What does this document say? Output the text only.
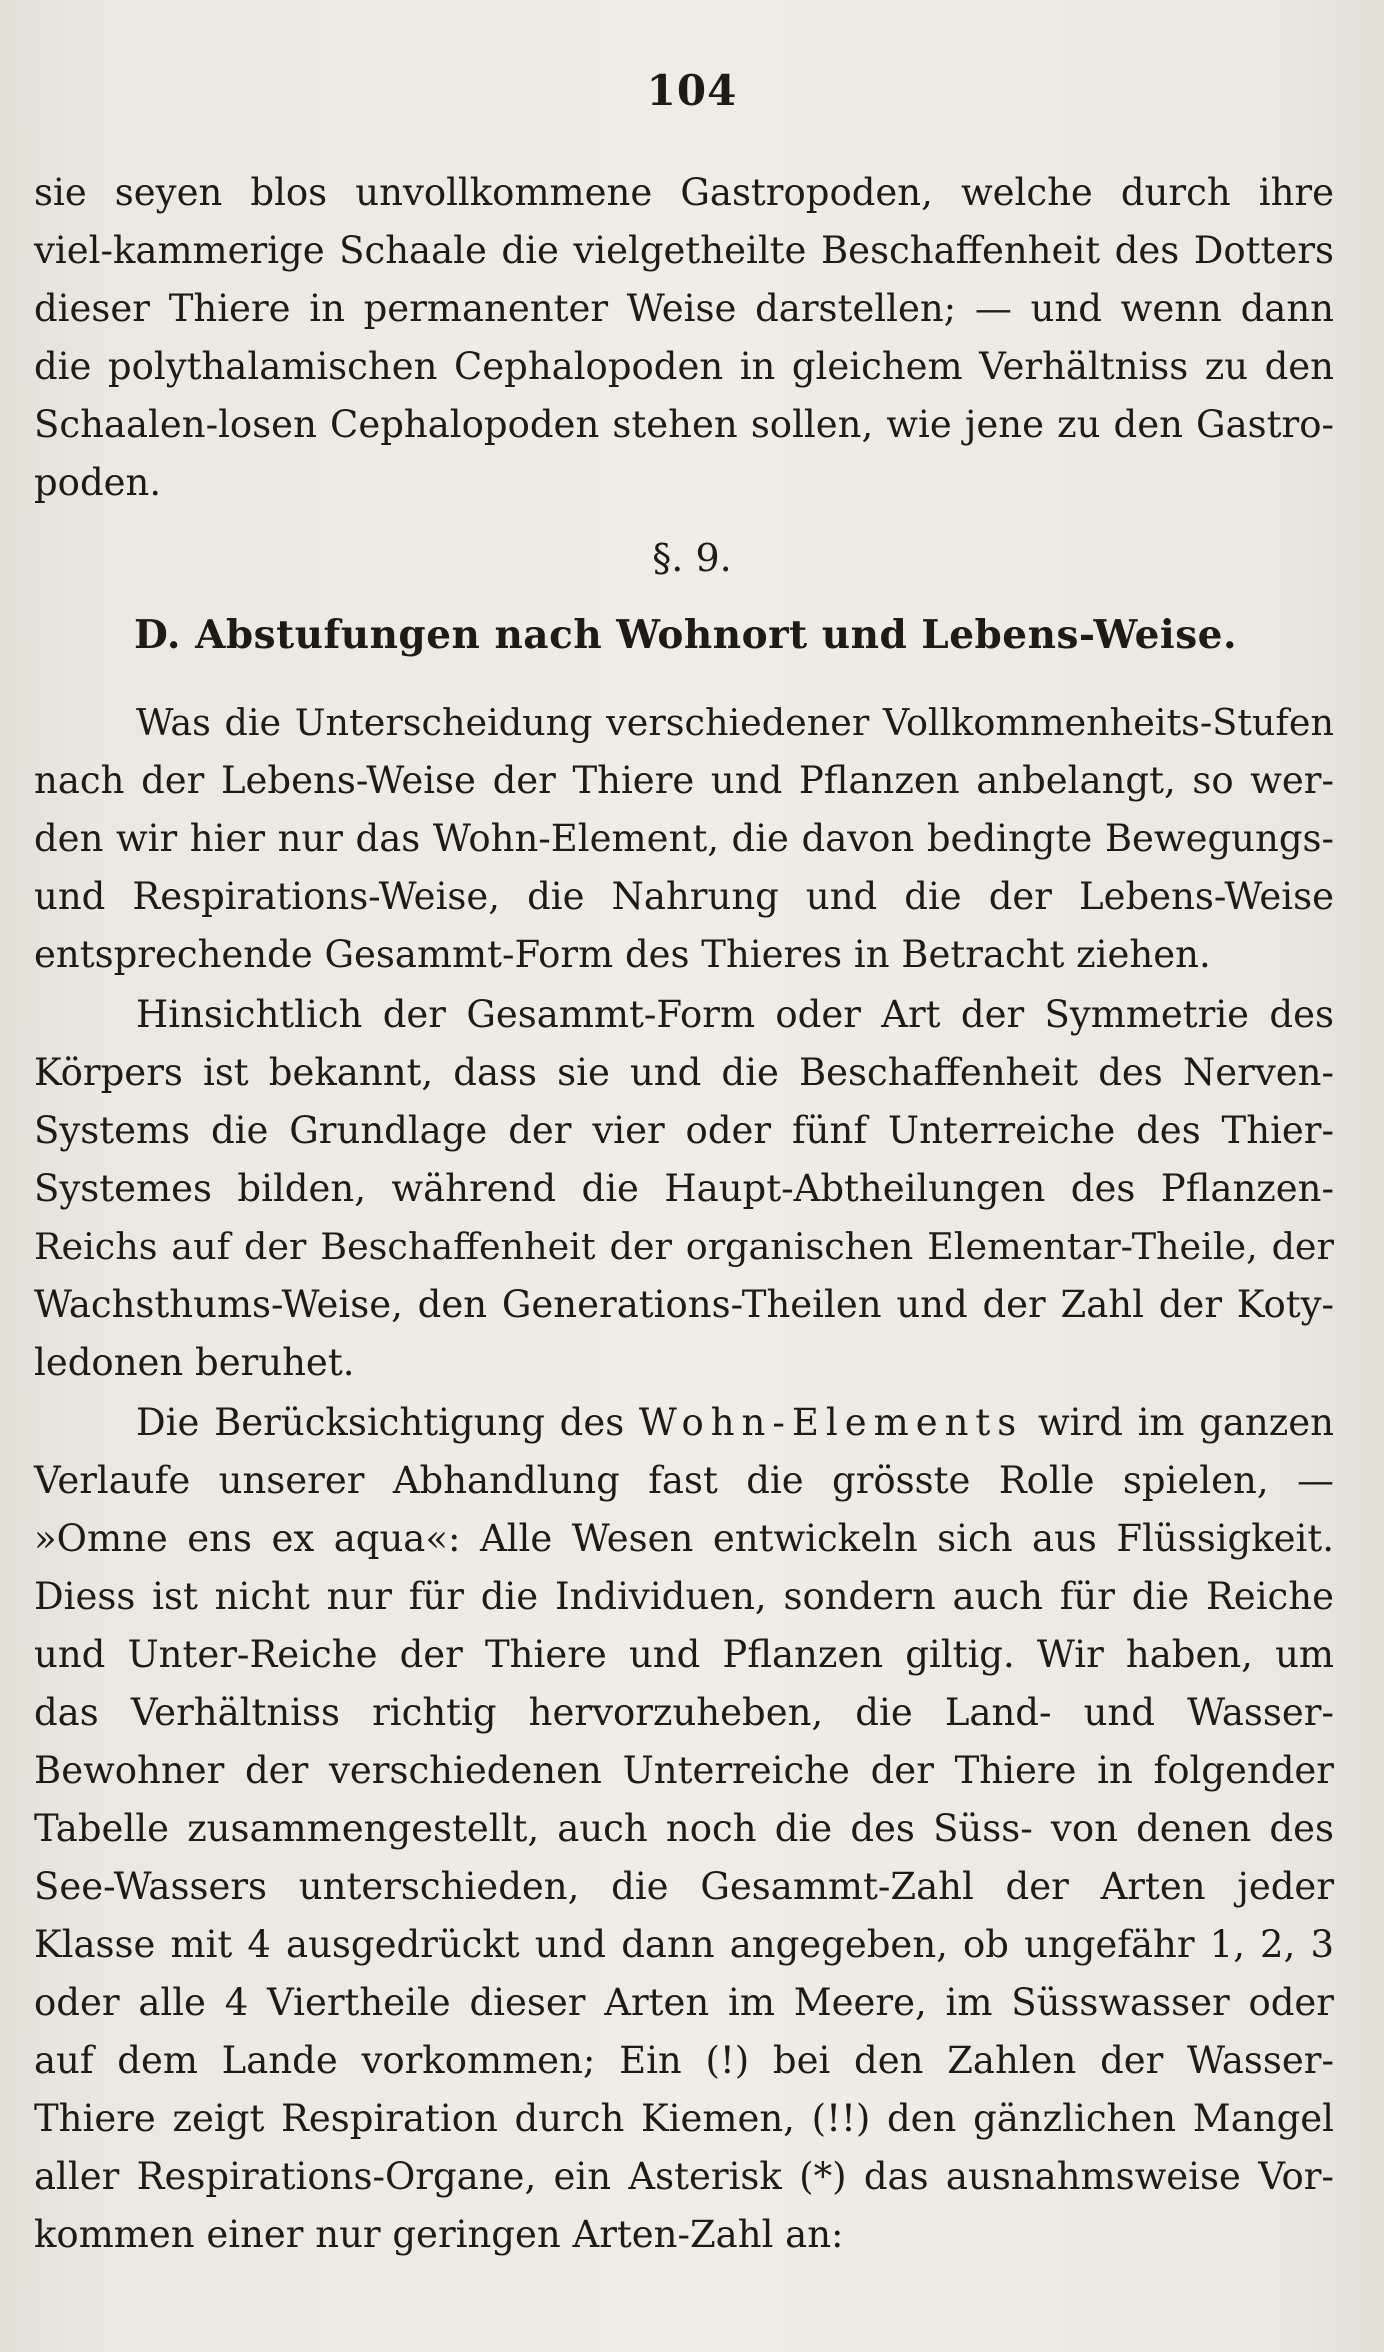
104
sie seyen blos unvollkommene Gastropoden, welche durch ihre
viel-kammerige Schaale die vielgetheilte Beschaffenheit des Dotters
dieser Thiere in permanenter Weise darstellen; — und wenn dann
die polythalamischen Cephalopoden in gleichem Verhältniss zu den
Schaalen-losen Cephalopoden stehen sollen, wie jene zu den Gastro-
poden.
§. 9.
D. Abstufungen nach Wohnort und Lebens-Weise.
Was die Unterscheidung verschiedener Vollkommenheits-Stufen
nach der Lebens-Weise der Thiere und Pflanzen anbelangt, so wer-
den wir hier nur das Wohn-Element, die davon bedingte Bewegungs-
und Respirations-Weise, die Nahrung und die der Lebens-Weise
entsprechende Gesammt-Form des Thieres in Betracht ziehen.
Hinsichtlich der Gesammt-Form oder Art der Symmetrie des
Körpers ist bekannt, dass sie und die Beschaffenheit des Nerven-
Systems die Grundlage der vier oder fünf Unterreiche des Thier-
Systemes bilden, während die Haupt-Abtheilungen des Pflanzen-
Reichs auf der Beschaffenheit der organischen Elementar-Theile, der
Wachsthums-Weise, den Generations-Theilen und der Zahl der Koty-
ledonen beruhet.
Die Berücksichtigung des Wohn-Elements wird im ganzen
Verlaufe unserer Abhandlung fast die grösste Rolle spielen, —
»Omne ens ex aqua«: Alle Wesen entwickeln sich aus Flüssigkeit.
Diess ist nicht nur für die Individuen, sondern auch für die Reiche
und Unter-Reiche der Thiere und Pflanzen giltig. Wir haben, um
das Verhältniss richtig hervorzuheben, die Land- und Wasser-
Bewohner der verschiedenen Unterreiche der Thiere in folgender
Tabelle zusammengestellt, auch noch die des Süss- von denen des
See-Wassers unterschieden, die Gesammt-Zahl der Arten jeder
Klasse mit 4 ausgedrückt und dann angegeben, ob ungefähr 1, 2, 3
oder alle 4 Viertheile dieser Arten im Meere, im Süsswasser oder
auf dem Lande vorkommen; Ein (!) bei den Zahlen der Wasser-
Thiere zeigt Respiration durch Kiemen, (!!) den gänzlichen Mangel
aller Respirations-Organe, ein Asterisk (*) das ausnahmsweise Vor-
kommen einer nur geringen Arten-Zahl an:
